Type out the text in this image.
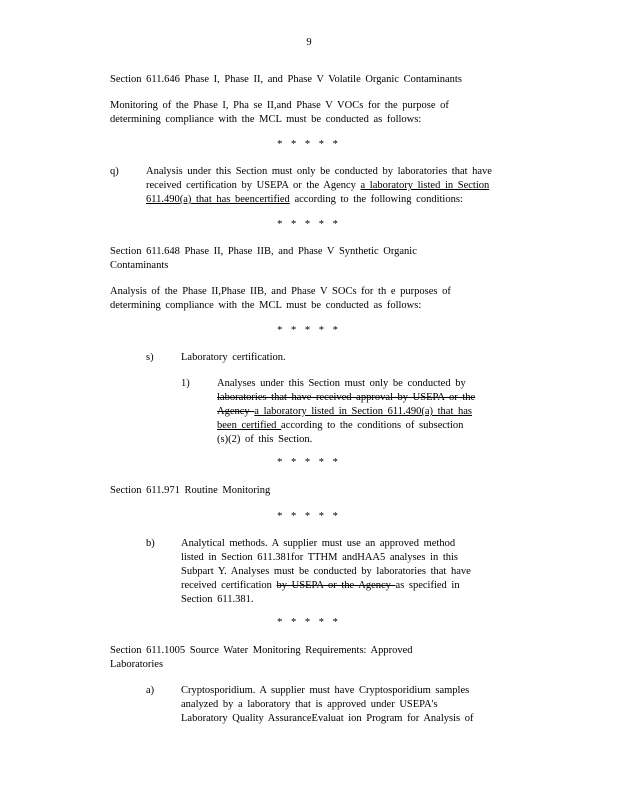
9
Section 611.646 Phase I, Phase II, and Phase V Volatile Organic Contaminants
Monitoring of the Phase I, Pha se II,and Phase V VOCs for the purpose of
determining compliance with the MCL must be conducted as follows:
* * * * *
q)	Analysis under this Section must only be conducted by laboratories that have
received certification by USEPA or the Agency a laboratory listed in Section
611.490(a) that has beencertified according to the following conditions:
* * * * *
Section 611.648 Phase II, Phase IIB, and Phase V Synthetic Organic
Contaminants
Analysis of the Phase II,Phase IIB, and Phase V SOCs for th e purposes of
determining compliance with the MCL must be conducted as follows:
* * * * *
s)	Laboratory certification.
1)	Analyses under this Section must only be conducted by
laboratories that have received approval by USEPA or the
Agency a laboratory listed in Section 611.490(a) that has
been certified according to the conditions of subsection
(s)(2) of this Section.
* * * * *
Section 611.971 Routine Monitoring
* * * * *
b)	Analytical methods. A supplier must use an approved method
listed in Section 611.381for TTHM andHAA5 analyses in this
Subpart Y. Analyses must be conducted by laboratories that have
received certification by USEPA or the Agency as specified in
Section 611.381.
* * * * *
Section 611.1005 Source Water Monitoring Requirements: Approved
Laboratories
a)	Cryptosporidium. A supplier must have Cryptosporidium samples
analyzed by a laboratory that is approved under USEPA's
Laboratory Quality AssuranceEvaluat ion Program for Analysis of
